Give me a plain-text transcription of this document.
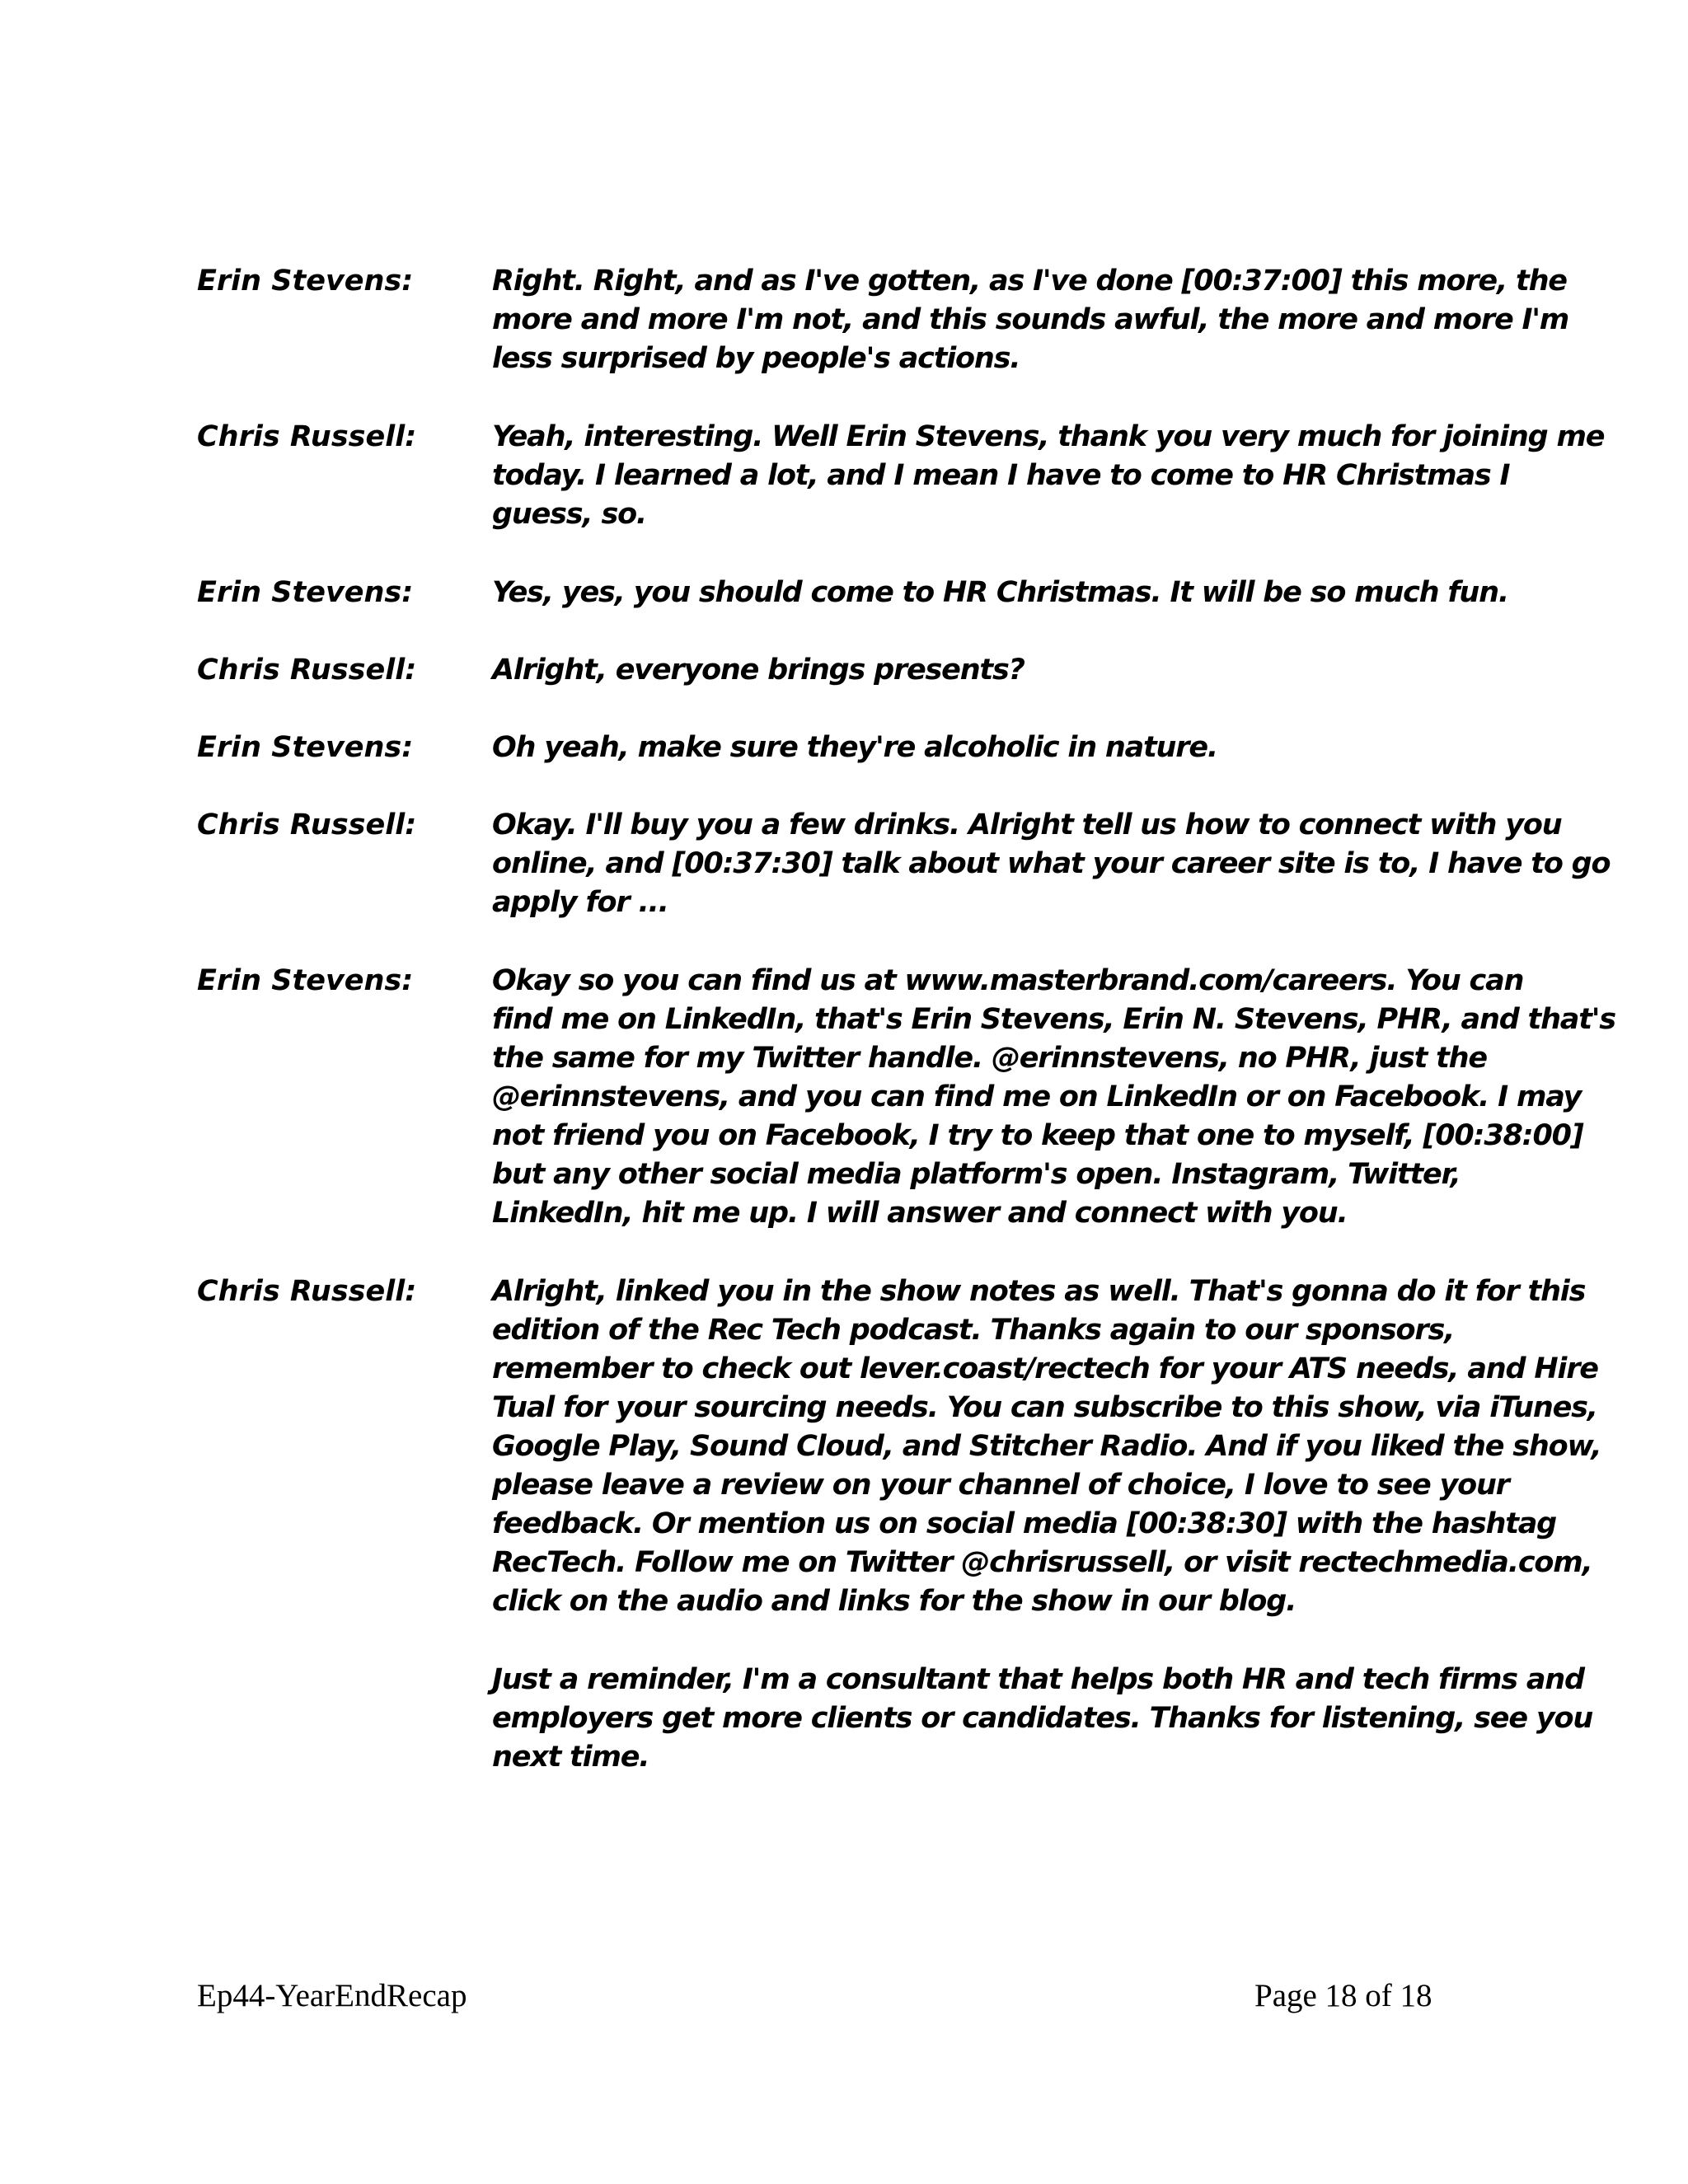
Erin Stevens:	Right. Right, and as I've gotten, as I've done [00:37:00] this more, the
more and more I'm not, and this sounds awful, the more and more I'm
less surprised by people's actions.
Chris Russell:	Yeah, interesting. Well Erin Stevens, thank you very much for joining me
today. I learned a lot, and I mean I have to come to HR Christmas I
guess, so.
Erin Stevens:	Yes, yes, you should come to HR Christmas. It will be so much fun.
Chris Russell:	Alright, everyone brings presents?
Erin Stevens:	Oh yeah, make sure they're alcoholic in nature.
Chris Russell:	Okay. I'll buy you a few drinks. Alright tell us how to connect with you
online, and [00:37:30] talk about what your career site is to, I have to go
apply for ...
Erin Stevens:	Okay so you can find us at www.masterbrand.com/careers. You can
find me on LinkedIn, that's Erin Stevens, Erin N. Stevens, PHR, and that's
the same for my Twitter handle. @erinnstevens, no PHR, just the
@erinnstevens, and you can find me on LinkedIn or on Facebook. I may
not friend you on Facebook, I try to keep that one to myself, [00:38:00]
but any other social media platform's open. Instagram, Twitter,
LinkedIn, hit me up. I will answer and connect with you.
Chris Russell:	Alright, linked you in the show notes as well. That's gonna do it for this
edition of the Rec Tech podcast. Thanks again to our sponsors,
remember to check out lever.coast/rectech for your ATS needs, and Hire
Tual for your sourcing needs. You can subscribe to this show, via iTunes,
Google Play, Sound Cloud, and Stitcher Radio. And if you liked the show,
please leave a review on your channel of choice, I love to see your
feedback. Or mention us on social media [00:38:30] with the hashtag
RecTech. Follow me on Twitter @chrisrussell, or visit rectechmedia.com,
click on the audio and links for the show in our blog.
Just a reminder, I'm a consultant that helps both HR and tech firms and
employers get more clients or candidates. Thanks for listening, see you
next time.
Ep44-YearEndRecap	Page 18 of 18
